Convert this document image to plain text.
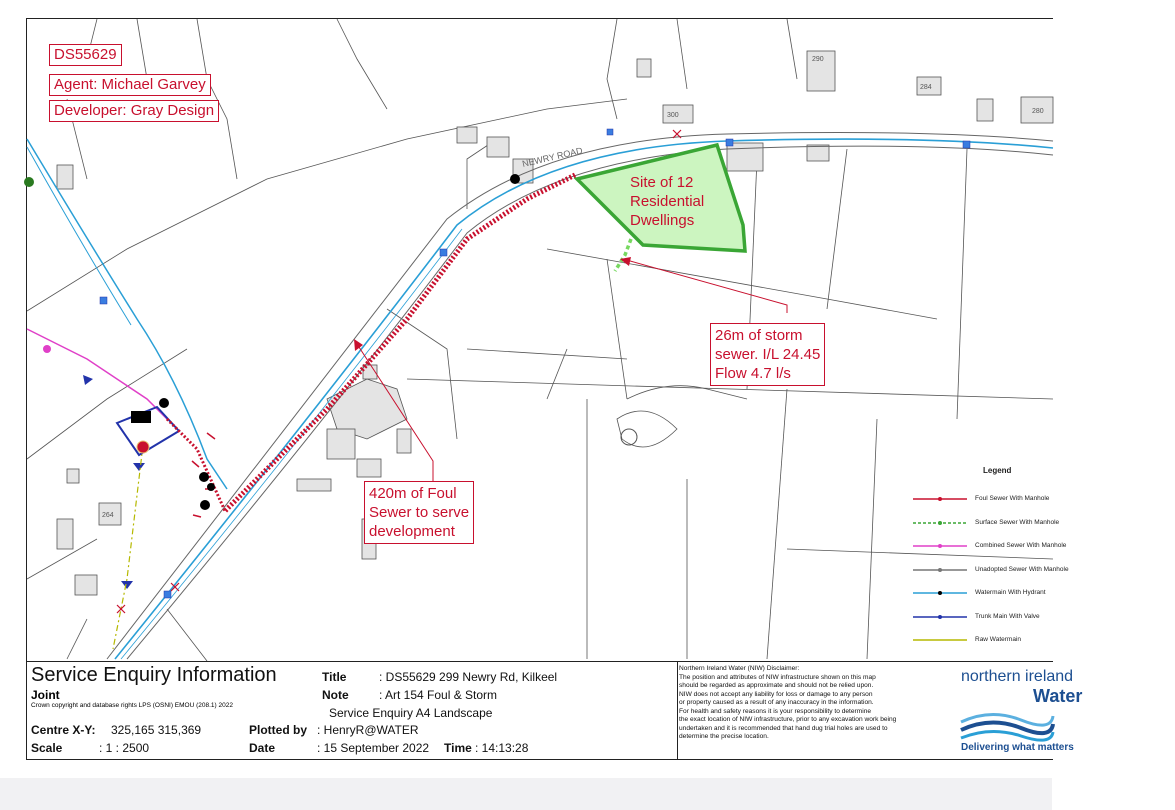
290
284
280
300
264
NEWRY ROAD
DS55629
Agent: Michael Garvey
Developer: Gray Design
Site of 12
Residential
Dwellings
26m of storm
sewer. I/L 24.45
Flow 4.7 l/s
420m of Foul
Sewer to serve
development
Legend
Foul Sewer With Manhole
Surface Sewer With Manhole
Combined Sewer With Manhole
Unadopted Sewer With Manhole
Watermain With Hydrant
Trunk Main With Valve
Raw Watermain
Service Enquiry Information
Joint
Crown copyright and database rights LPS (OSNI) EMOU (208.1) 2022
Centre X-Y: 325,165 315,369
Scale	: 1 : 2500
Title	: DS55629 299 Newry Rd, Kilkeel
Note	: Art 154 Foul & Storm
Service Enquiry A4 Landscape
Plotted by : HenryR@WATER
Date	: 15 September 2022 Time : 14:13:28
Northern Ireland Water (NIW) Disclaimer:
The position and attributes of NIW infrastructure shown on this map
should be regarded as approximate and should not be relied upon.
NIW does not accept any liability for loss or damage to any person
or property caused as a result of any inaccuracy in the information.
For health and safety reasons it is your responsibility to determine
the exact location of NIW infrastructure, prior to any excavation work being
undertaken and it is recommended that hand dug trial holes are used to
determine the precise location.
northern ireland
Water
Delivering what matters
